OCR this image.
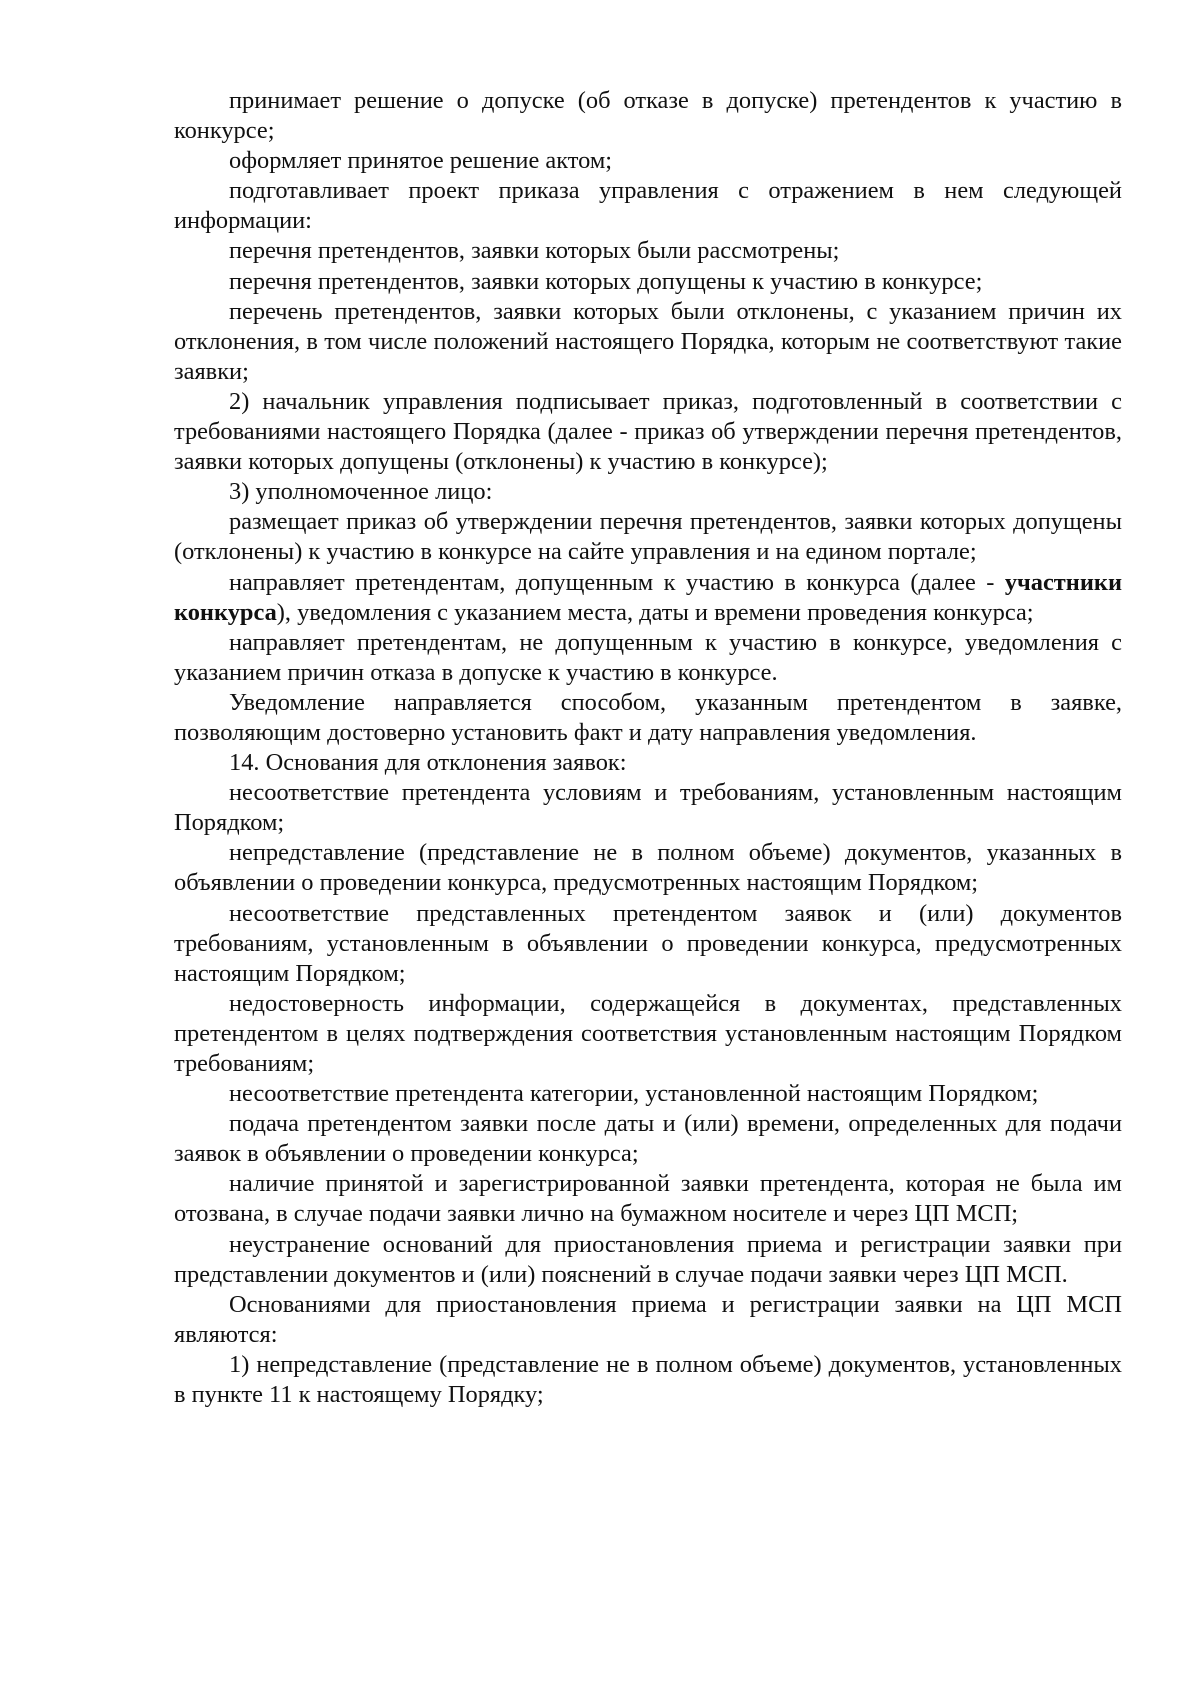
принимает решение о допуске (об отказе в допуске) претендентов к участию в конкурсе;

оформляет принятое решение актом;

подготавливает проект приказа управления с отражением в нем следующей информации:

перечня претендентов, заявки которых были рассмотрены;

перечня претендентов, заявки которых допущены к участию в конкурсе;

перечень претендентов, заявки которых были отклонены, с указанием причин их отклонения, в том числе положений настоящего Порядка, которым не соответствуют такие заявки;

2) начальник управления подписывает приказ, подготовленный в соответствии с требованиями настоящего Порядка (далее - приказ об утверждении перечня претендентов, заявки которых допущены (отклонены) к участию в конкурсе);

3) уполномоченное лицо:

размещает приказ об утверждении перечня претендентов, заявки которых допущены (отклонены) к участию в конкурсе на сайте управления и на едином портале;

направляет претендентам, допущенным к участию в конкурса (далее - участники конкурса), уведомления с указанием места, даты и времени проведения конкурса;

направляет претендентам, не допущенным к участию в конкурсе, уведомления с указанием причин отказа в допуске к участию в конкурсе.

Уведомление направляется способом, указанным претендентом в заявке, позволяющим достоверно установить факт и дату направления уведомления.

14. Основания для отклонения заявок:

несоответствие претендента условиям и требованиям, установленным настоящим Порядком;

непредставление (представление не в полном объеме) документов, указанных в объявлении о проведении конкурса, предусмотренных настоящим Порядком;

несоответствие представленных претендентом заявок и (или) документов требованиям, установленным в объявлении о проведении конкурса, предусмотренных настоящим Порядком;

недостоверность информации, содержащейся в документах, представленных претендентом в целях подтверждения соответствия установленным настоящим Порядком требованиям;

несоответствие претендента категории, установленной настоящим Порядком;

подача претендентом заявки после даты и (или) времени, определенных для подачи заявок в объявлении о проведении конкурса;

наличие принятой и зарегистрированной заявки претендента, которая не была им отозвана, в случае подачи заявки лично на бумажном носителе и через ЦП МСП;

неустранение оснований для приостановления приема и регистрации заявки при представлении документов и (или) пояснений в случае подачи заявки через ЦП МСП.

Основаниями для приостановления приема и регистрации заявки на ЦП МСП являются:

1) непредставление (представление не в полном объеме) документов, установленных в пункте 11 к настоящему Порядку;
